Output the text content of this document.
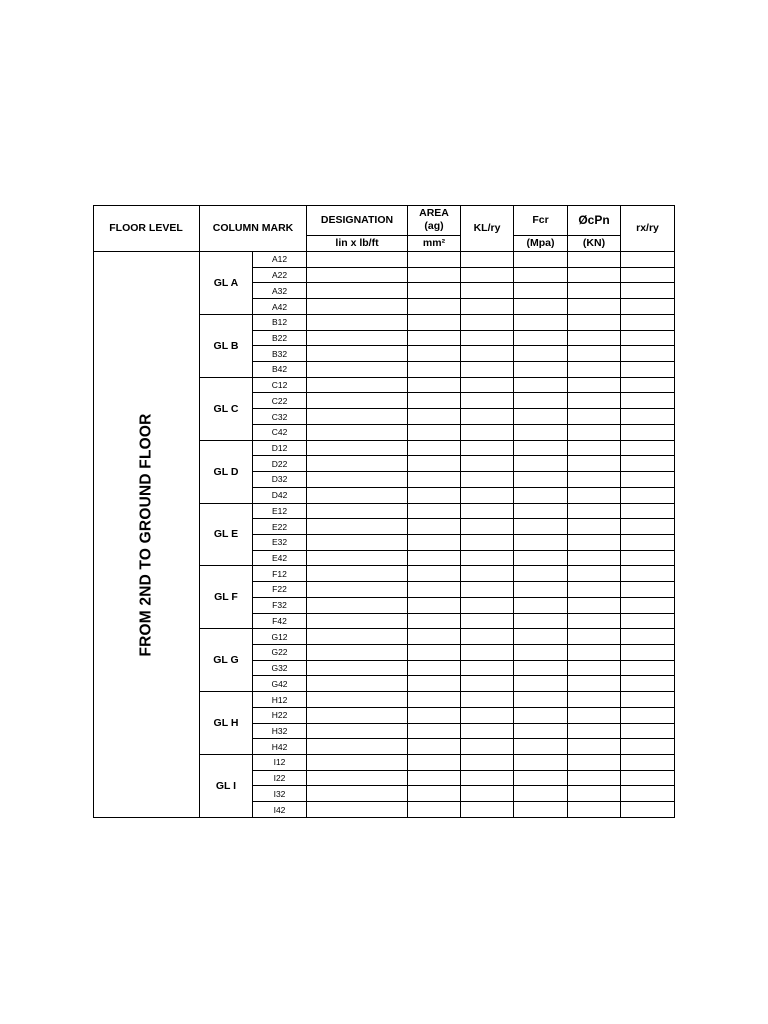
FLOOR LEVEL	COLUMN MARK
DESIGNATION
lin x lb/ft
AREA
(ag)
mm²
KL/ry
Fcr
(Mpa)
ØcPn
(KN)
rx/ry
FROM 2ND TO GROUND FLOOR
GL A
A12
A22
A32
A42
GL B
B12
B22
B32
B42
GL C
C12
C22
C32
C42
GL D
D12
D22
D32
D42
GL E
E12
E22
E32
E42
GL F
F12
F22
F32
F42
GL G
G12
G22
G32
G42
GL H
H12
H22
H32
H42
GL I
I12
I22
I32
I42
